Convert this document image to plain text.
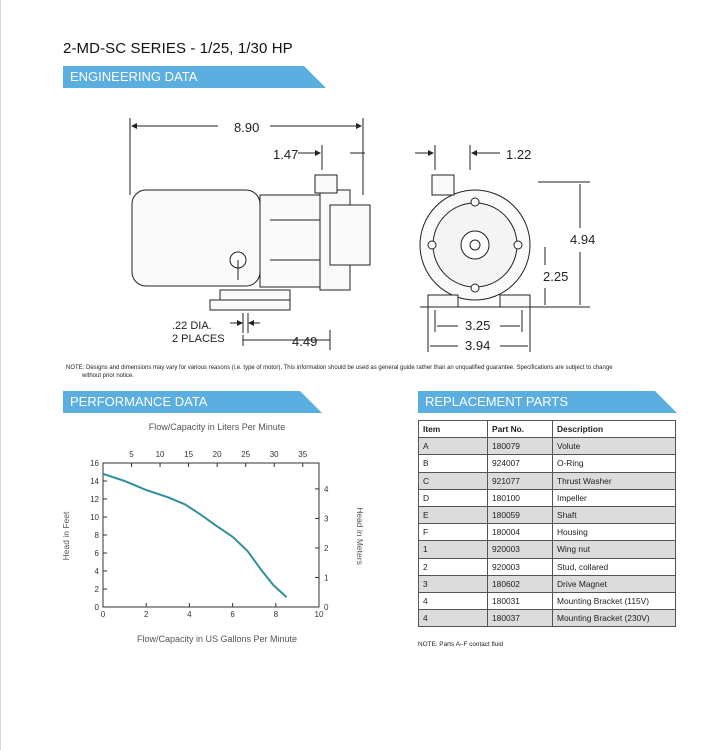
2-MD-SC SERIES - 1/25, 1/30 HP
ENGINEERING DATA
PERFORMANCE DATA	REPLACEMENT PARTS
8.90
1.47	1.22
4.94
2.25
3.25
3.94
4.49
.22 DIA.
2 PLACES
NOTE: Designs and dimensions may vary for various reasons (i.e. type of motor). This information should be used as general guide rather than an unqualified guarantee. Specifications are subject to change
without prior notice.
Flow/Capacity in Liters Per Minute
Flow/Capacity in US Gallons Per Minute
Head in Feet	Head in Meters
0	2	4	6	8	10
0
2
4
6
8
10
12
14
16
5	10 15 20 25 30 35
0
1
2
3
4
Item	Part No.	Description
A	180079	Volute
B	924007	O-Ring
C	921077	Thrust Washer
D	180100	Impeller
E	180059	Shaft
F	180004	Housing
1	920003	Wing nut
2	920003	Stud, collared
3	180602	Drive Magnet
4	180031	Mounting Bracket (115V)
4	180037	Mounting Bracket (230V)
NOTE: Parts A–F contact fluid
